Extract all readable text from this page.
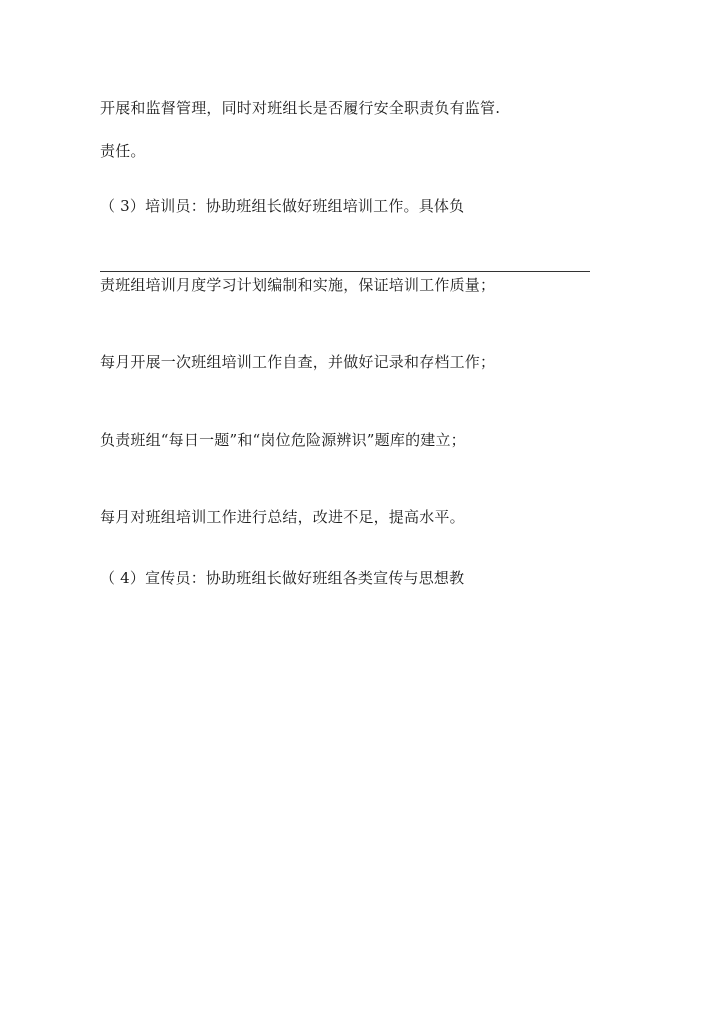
开展和监督管理，同时对班组长是否履行安全职责负有监管.
责任。
（ 3）培训员：协助班组长做好班组培训工作。具体负
责班组培训月度学习计划编制和实施，保证培训工作质量；
每月开展一次班组培训工作自查，并做好记录和存档工作；
负责班组“每日一题”和“岗位危险源辨识”题库的建立；
每月对班组培训工作进行总结，改进不足，提高水平。
（ 4）宣传员：协助班组长做好班组各类宣传与思想教
